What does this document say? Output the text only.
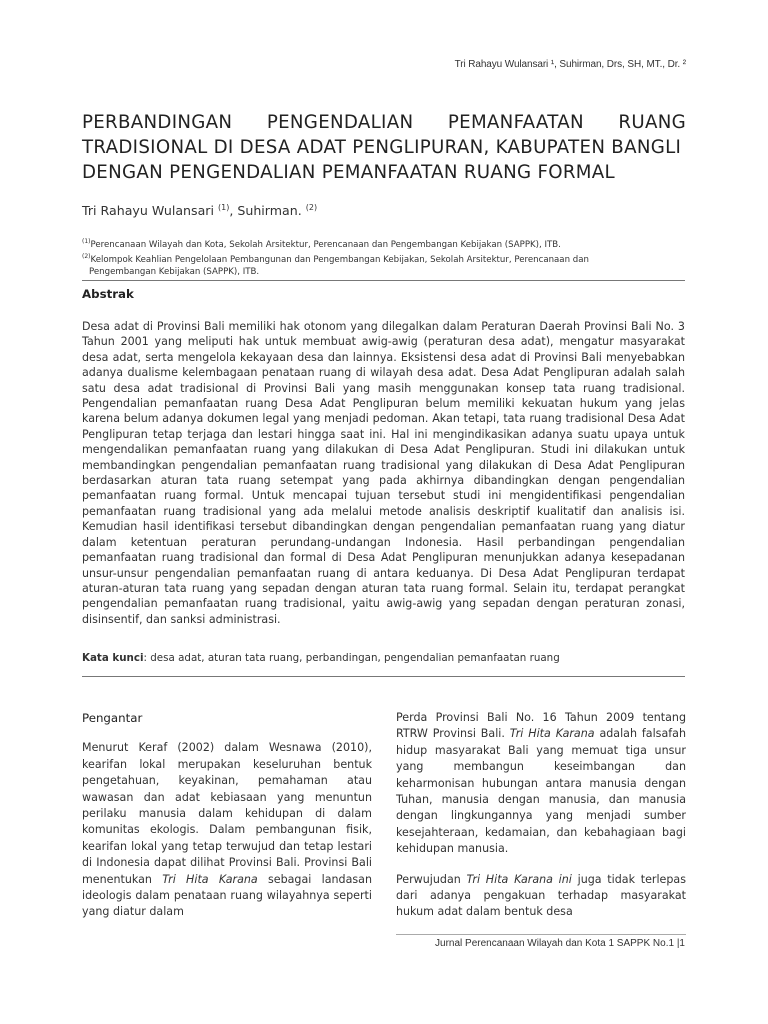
Tri Rahayu Wulansari ¹, Suhirman, Drs, SH, MT., Dr. ²
PERBANDINGAN PENGENDALIAN PEMANFAATAN RUANG
TRADISIONAL DI DESA ADAT PENGLIPURAN, KABUPATEN BANGLI
DENGAN PENGENDALIAN PEMANFAATAN RUANG FORMAL
Tri Rahayu Wulansari $^{(1)}$, Suhirman. $^{(2)}$

$^{(1)}$Perencanaan Wilayah dan Kota, Sekolah Arsitektur, Perencanaan dan Pengembangan Kebijakan (SAPPK), ITB.

$^{(2)}$Kelompok Keahlian Pengelolaan Pembangunan dan Pengembangan Kebijakan, Sekolah Arsitektur, Perencanaan dan

Pengembangan Kebijakan (SAPPK), ITB.

Abstrak

Desa adat di Provinsi Bali memiliki hak otonom yang dilegalkan dalam Peraturan Daerah Provinsi Bali No. 3 Tahun 2001 yang meliputi hak untuk membuat awig-awig (peraturan desa adat), mengatur masyarakat desa adat, serta mengelola kekayaan desa dan lainnya. Eksistensi desa adat di Provinsi Bali menyebabkan adanya dualisme kelembagaan penataan ruang di wilayah desa adat. Desa Adat Penglipuran adalah salah satu desa adat tradisional di Provinsi Bali yang masih menggunakan konsep tata ruang tradisional. Pengendalian pemanfaatan ruang Desa Adat Penglipuran belum memiliki kekuatan hukum yang jelas karena belum adanya dokumen legal yang menjadi pedoman. Akan tetapi, tata ruang tradisional Desa Adat Penglipuran tetap terjaga dan lestari hingga saat ini. Hal ini mengindikasikan adanya suatu upaya untuk mengendalikan pemanfaatan ruang yang dilakukan di Desa Adat Penglipuran. Studi ini dilakukan untuk membandingkan pengendalian pemanfaatan ruang tradisional yang dilakukan di Desa Adat Penglipuran berdasarkan aturan tata ruang setempat yang pada akhirnya dibandingkan dengan pengendalian pemanfaatan ruang formal. Untuk mencapai tujuan tersebut studi ini mengidentifikasi pengendalian pemanfaatan ruang tradisional yang ada melalui metode analisis deskriptif kualitatif dan analisis isi. Kemudian hasil identifikasi tersebut dibandingkan dengan pengendalian pemanfaatan ruang yang diatur dalam ketentuan peraturan perundang-undangan Indonesia. Hasil perbandingan pengendalian pemanfaatan ruang tradisional dan formal di Desa Adat Penglipuran menunjukkan adanya kesepadanan unsur-unsur pengendalian pemanfaatan ruang di antara keduanya. Di Desa Adat Penglipuran terdapat aturan-aturan tata ruang yang sepadan dengan aturan tata ruang formal. Selain itu, terdapat perangkat pengendalian pemanfaatan ruang tradisional, yaitu awig-awig yang sepadan dengan peraturan zonasi, disinsentif, dan sanksi administrasi.

Kata kunci: desa adat, aturan tata ruang, perbandingan, pengendalian pemanfaatan ruang
Pengantar

Menurut Keraf (2002) dalam Wesnawa (2010), kearifan lokal merupakan keseluruhan bentuk pengetahuan, keyakinan, pemahaman atau wawasan dan adat kebiasaan yang menuntun perilaku manusia dalam kehidupan di dalam komunitas ekologis. Dalam pembangunan fisik, kearifan lokal yang tetap terwujud dan tetap lestari di Indonesia dapat dilihat Provinsi Bali. Provinsi Bali menentukan Tri Hita Karana sebagai landasan ideologis dalam penataan ruang wilayahnya seperti yang diatur dalam

Perda Provinsi Bali No. 16 Tahun 2009 tentang RTRW Provinsi Bali. Tri Hita Karana adalah falsafah hidup masyarakat Bali yang memuat tiga unsur yang membangun keseimbangan dan keharmonisan hubungan antara manusia dengan Tuhan, manusia dengan manusia, dan manusia dengan lingkungannya yang menjadi sumber kesejahteraan, kedamaian, dan kebahagiaan bagi kehidupan manusia.

Perwujudan Tri Hita Karana ini juga tidak terlepas dari adanya pengakuan terhadap masyarakat hukum adat dalam bentuk desa

Jurnal Perencanaan Wilayah dan Kota 1 SAPPK No.1 |1
